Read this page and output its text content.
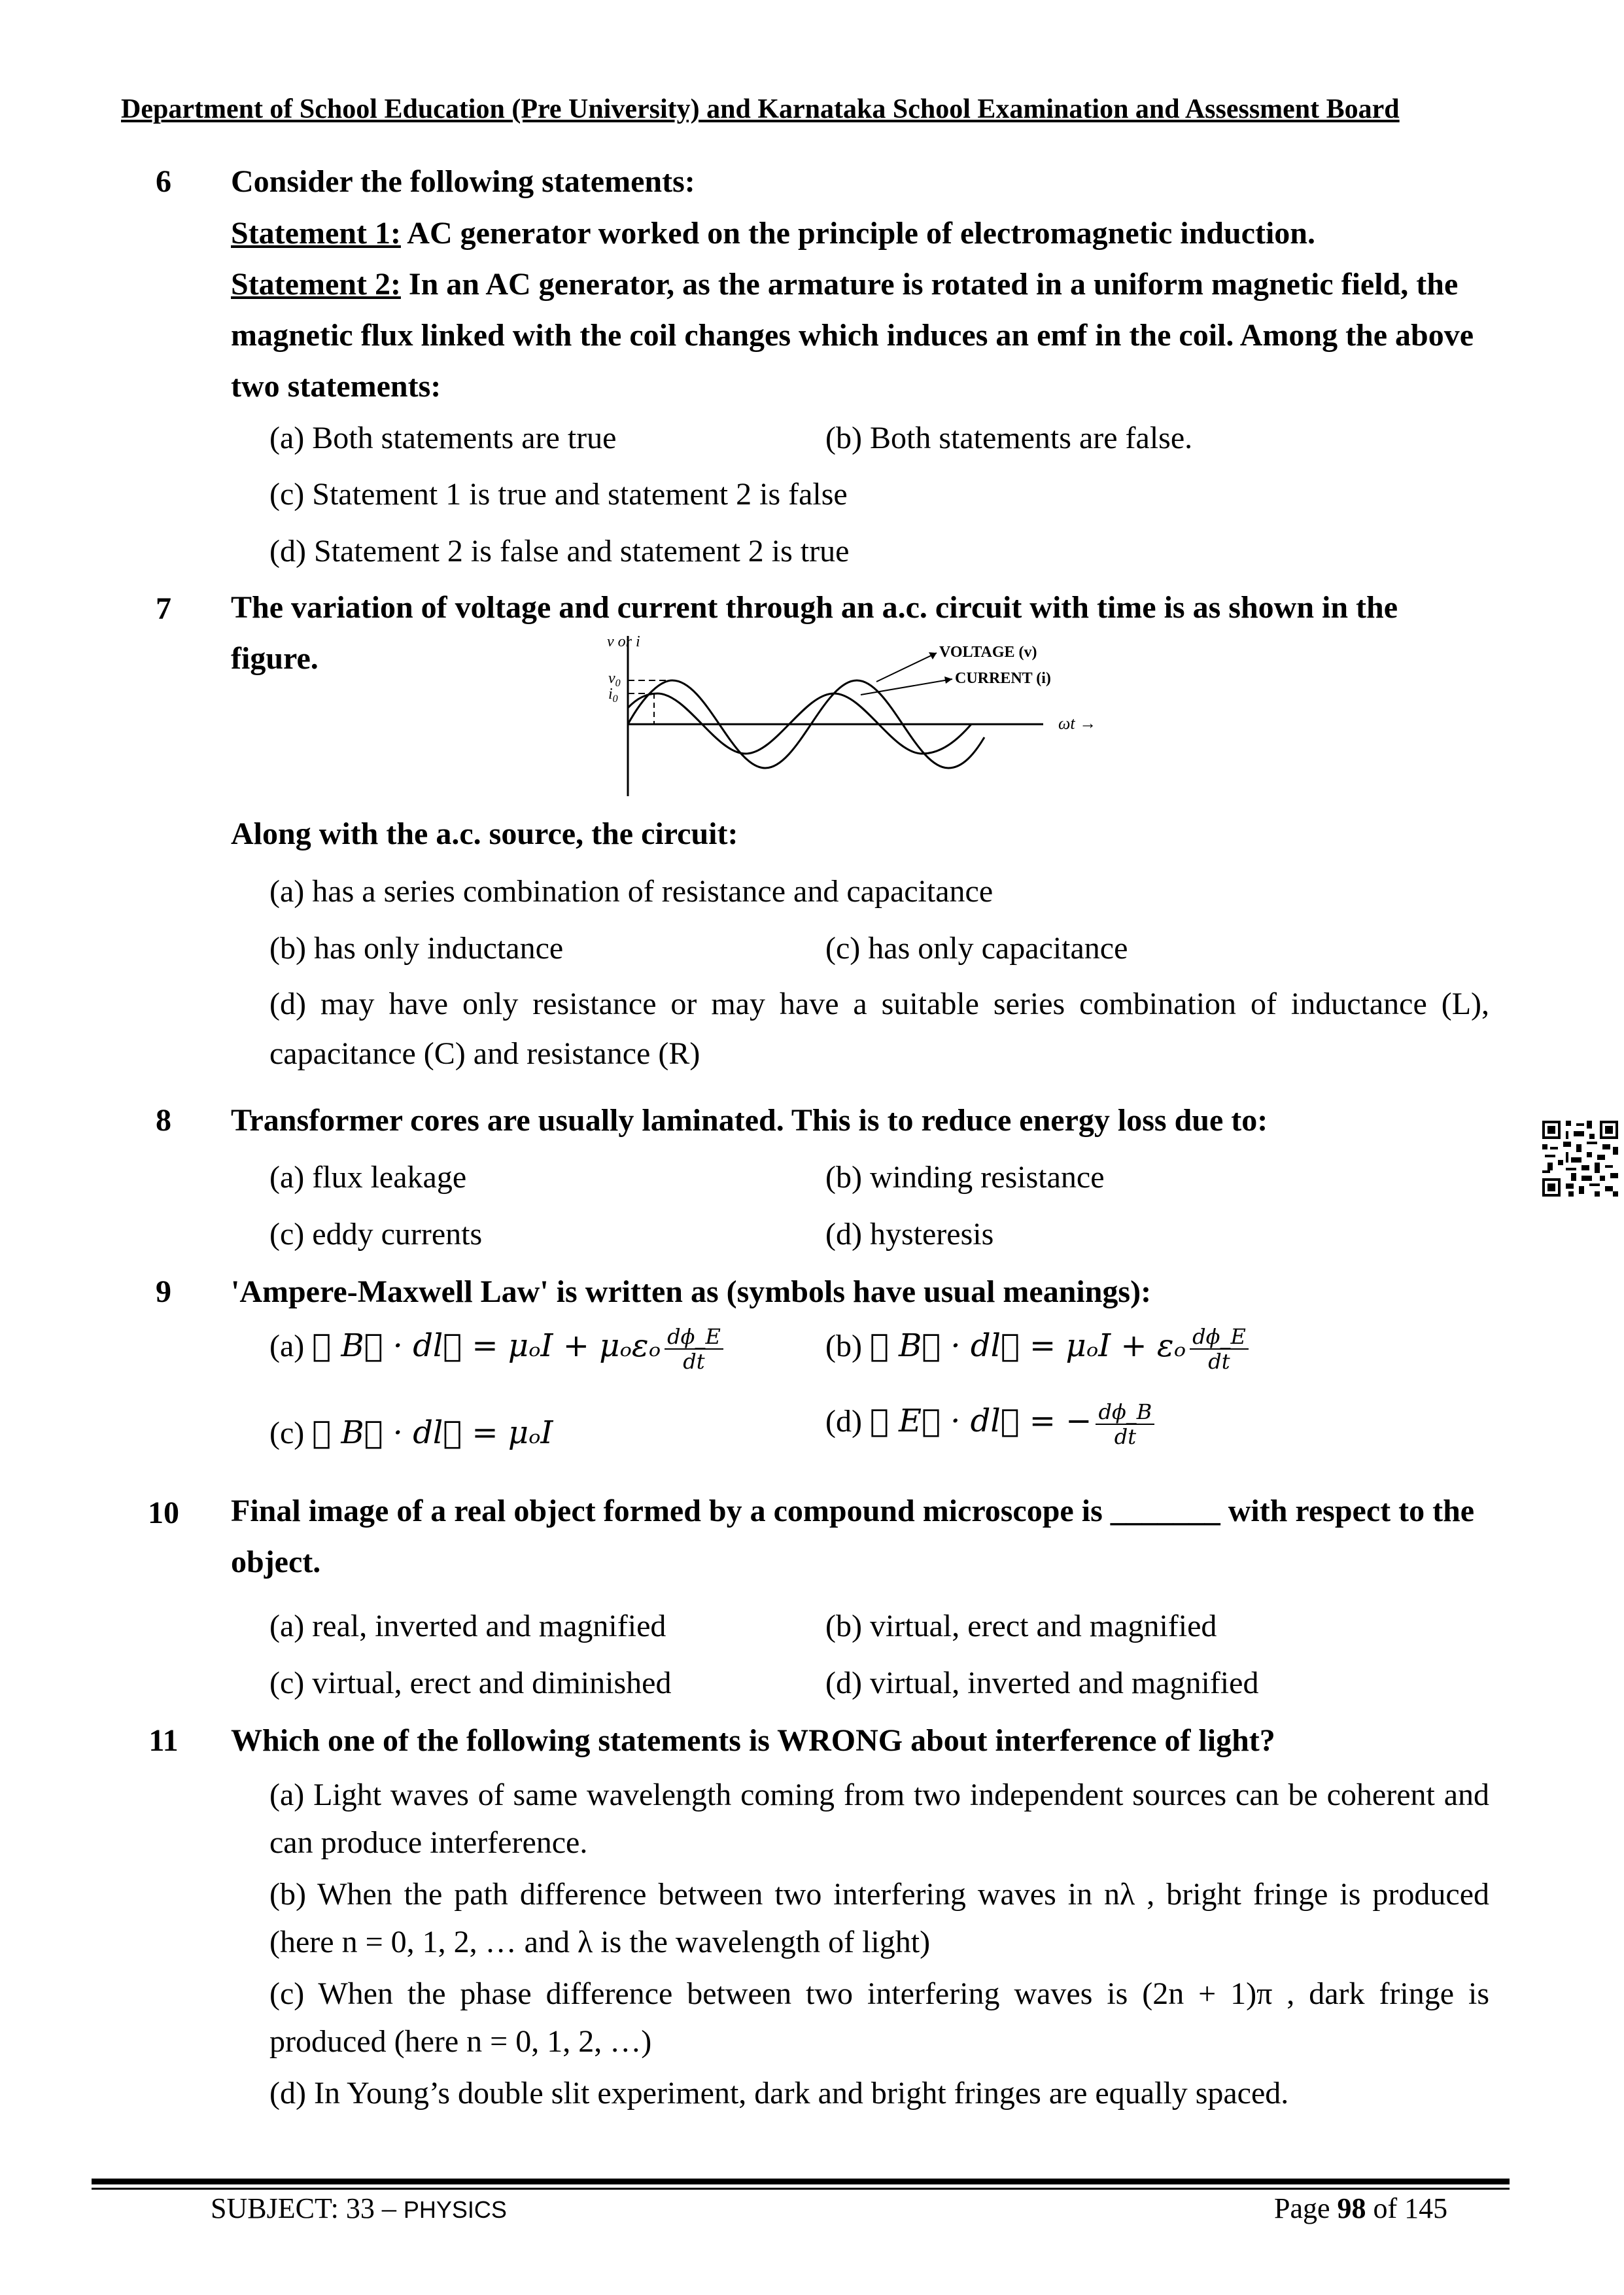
Department of School Education (Pre University) and Karnataka School Examination and Assessment Board
6	Consider the following statements:
Statement 1: AC generator worked on the principle of electromagnetic induction.
Statement 2: In an AC generator, as the armature is rotated in a uniform magnetic field, the magnetic flux linked with the coil changes which induces an emf in the coil. Among the above two statements:
(a) Both statements are true	(b) Both statements are false.
(c) Statement 1 is true and statement 2 is false
(d) Statement 2 is false and statement 2 is true
7	The variation of voltage and current through an a.c. circuit with time is as shown in the figure.	v or i
$v_0$
$i_0$
VOLTAGE (v)
CURRENT (i)
ωt →
Along with the a.c. source, the circuit:
(a) has a series combination of resistance and capacitance
(b) has only inductance	(c) has only capacitance
(d) may have only resistance or may have a suitable series combination of inductance (L), capacitance (C) and resistance (R)
8	Transformer cores are usually laminated. This is to reduce energy loss due to:
(a) flux leakage	(b) winding resistance
(c) eddy currents	(d) hysteresis
9	'Ampere-Maxwell Law' is written as (symbols have usual meanings):
(a) ∮ B⃗ · dl⃗ = μₒI + μₒεₒ $\frac{d\phi\_E}{dt}$	(b) ∮ B⃗ · dl⃗ = μₒI + εₒ $\frac{d\phi\_E}{dt}$
(c) ∮ B⃗ · dl⃗ = μₒI	(d) ∮ E⃗ · dl⃗ = − $\frac{d\phi\_B}{dt}$
10	Final image of a real object formed by a compound microscope is _______ with respect to the object.
(a) real, inverted and magnified	(b) virtual, erect and magnified
(c) virtual, erect and diminished	(d) virtual, inverted and magnified
11	Which one of the following statements is WRONG about interference of light?
(a) Light waves of same wavelength coming from two independent sources can be coherent and can produce interference.
(b) When the path difference between two interfering waves in nλ , bright fringe is produced (here n = 0, 1, 2, … and λ is the wavelength of light)
(c) When the phase difference between two interfering waves is (2n + 1)π , dark fringe is produced (here n = 0, 1, 2, …)
(d) In Young’s double slit experiment, dark and bright fringes are equally spaced.
SUBJECT: 33 – PHYSICS	Page 98 of 145
